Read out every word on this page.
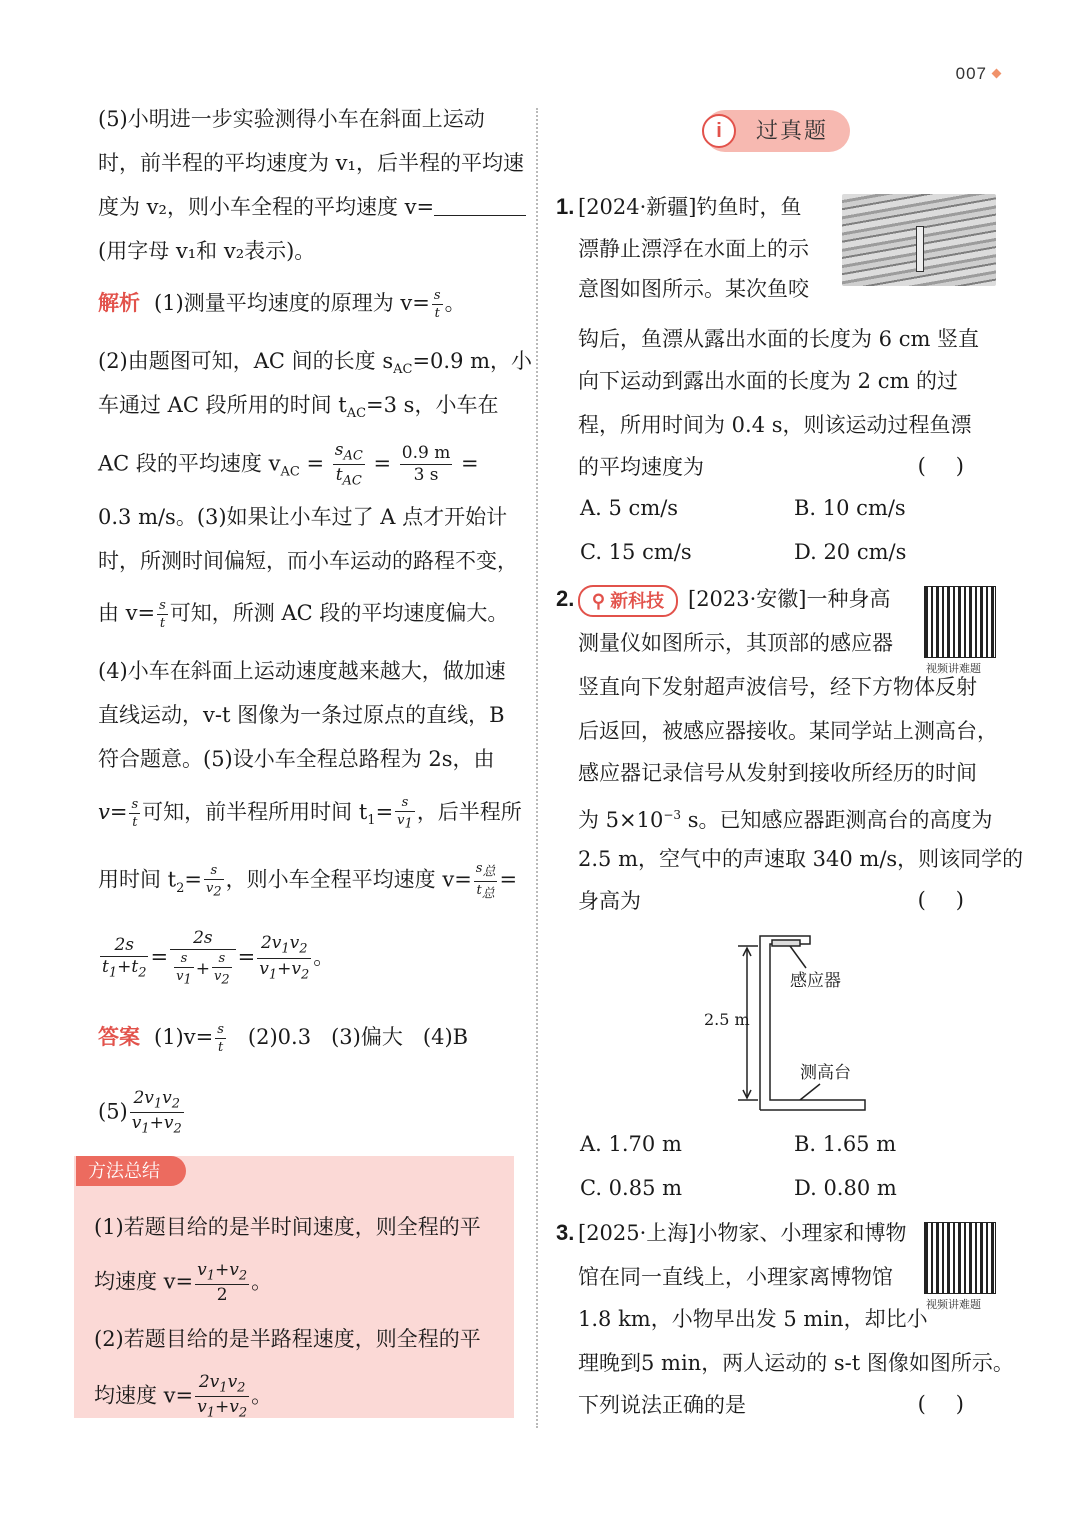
007
(5)小明进一步实验测得小车在斜面上运动
时，前半程的平均速度为 v₁，后半程的平均速
度为 v₂，则小车全程的平均速度 v=
(用字母 v₁和 v₂表示)。
解析 (1)测量平均速度的原理为 $v= \frac{s}{t}$ 。
(2)由题图可知，AC 间的长度 $s_{AC}=0.9$ m，小
车通过 AC 段所用的时间 $t_{AC}=3$ s，小车在
AC 段的平均速度 $v_{AC} = \frac{s_{AC}}{t_{AC}} = \frac{0.9 m}{3 s}$ =
0.3 m/s。(3)如果让小车过了 A 点才开始计
时，所测时间偏短，而小车运动的路程不变，
由 $v= \frac{s}{t}$ 可知，所测 AC 段的平均速度偏大。
(4)小车在斜面上运动速度越来越大，做加速
直线运动，v-t 图像为一条过原点的直线，B
符合题意。(5)设小车全程总路程为 2s，由
$v= \frac{s}{t}$ 可知，前半程所用时间 $t_1= \frac{s}{v_1}$ ，后半程所
用时间 $t_2= \frac{s}{v_2}$ ，则小车全程平均速度 $v= \frac{s_总}{t_总}$ =
$\frac{2s}{t_1+t_2} = \frac{2s}{\frac{s}{v_1} + \frac{s}{v_2}} = \frac{2v_1v_2}{v_1+v_2}$ 。
答案 $(1)v= \frac{s}{t} (2)0.3$ (3)偏大 (4)B
$(5) \frac{2v_1v_2}{v_1+v_2}$
方法总结
(1)若题目给的是半时间速度，则全程的平
均速度 $v= \frac{v_1+v_2}{2}$ 。
(2)若题目给的是半路程速度，则全程的平
均速度 $v= \frac{2v_1v_2}{v_1+v_2}$ 。
i	过真题
1. [2024·新疆]钓鱼时，鱼
漂静止漂浮在水面上的示
意图如图所示。某次鱼咬
钩后，鱼漂从露出水面的长度为 6 cm 竖直
向下运动到露出水面的长度为 2 cm 的过
程，所用时间为 0.4 s，则该运动过程鱼漂
的平均速度为	()
A. 5 cm/s	B. 10 cm/s
C. 15 cm/s	D. 20 cm/s
2. ⚲ 新科技	[2023·安徽]一种身高
视频讲难题
测量仪如图所示，其顶部的感应器
竖直向下发射超声波信号，经下方物体反射
后返回，被感应器接收。某同学站上测高台，
感应器记录信号从发射到接收所经历的时间
为 $5\times 10^{-3}$ s。已知感应器距测高台的高度为
2.5 m，空气中的声速取 340 m/s，则该同学的
身高为	()
2.5 m
感应器
测高台
A. 1.70 m	B. 1.65 m
C. 0.85 m	D. 0.80 m
3. [2025·上海]小物家、小理家和博物
视频讲难题
馆在同一直线上，小理家离博物馆
1.8 km，小物早出发 5 min，却比小
理晚到5 min，两人运动的 s-t 图像如图所示。
下列说法正确的是	()
